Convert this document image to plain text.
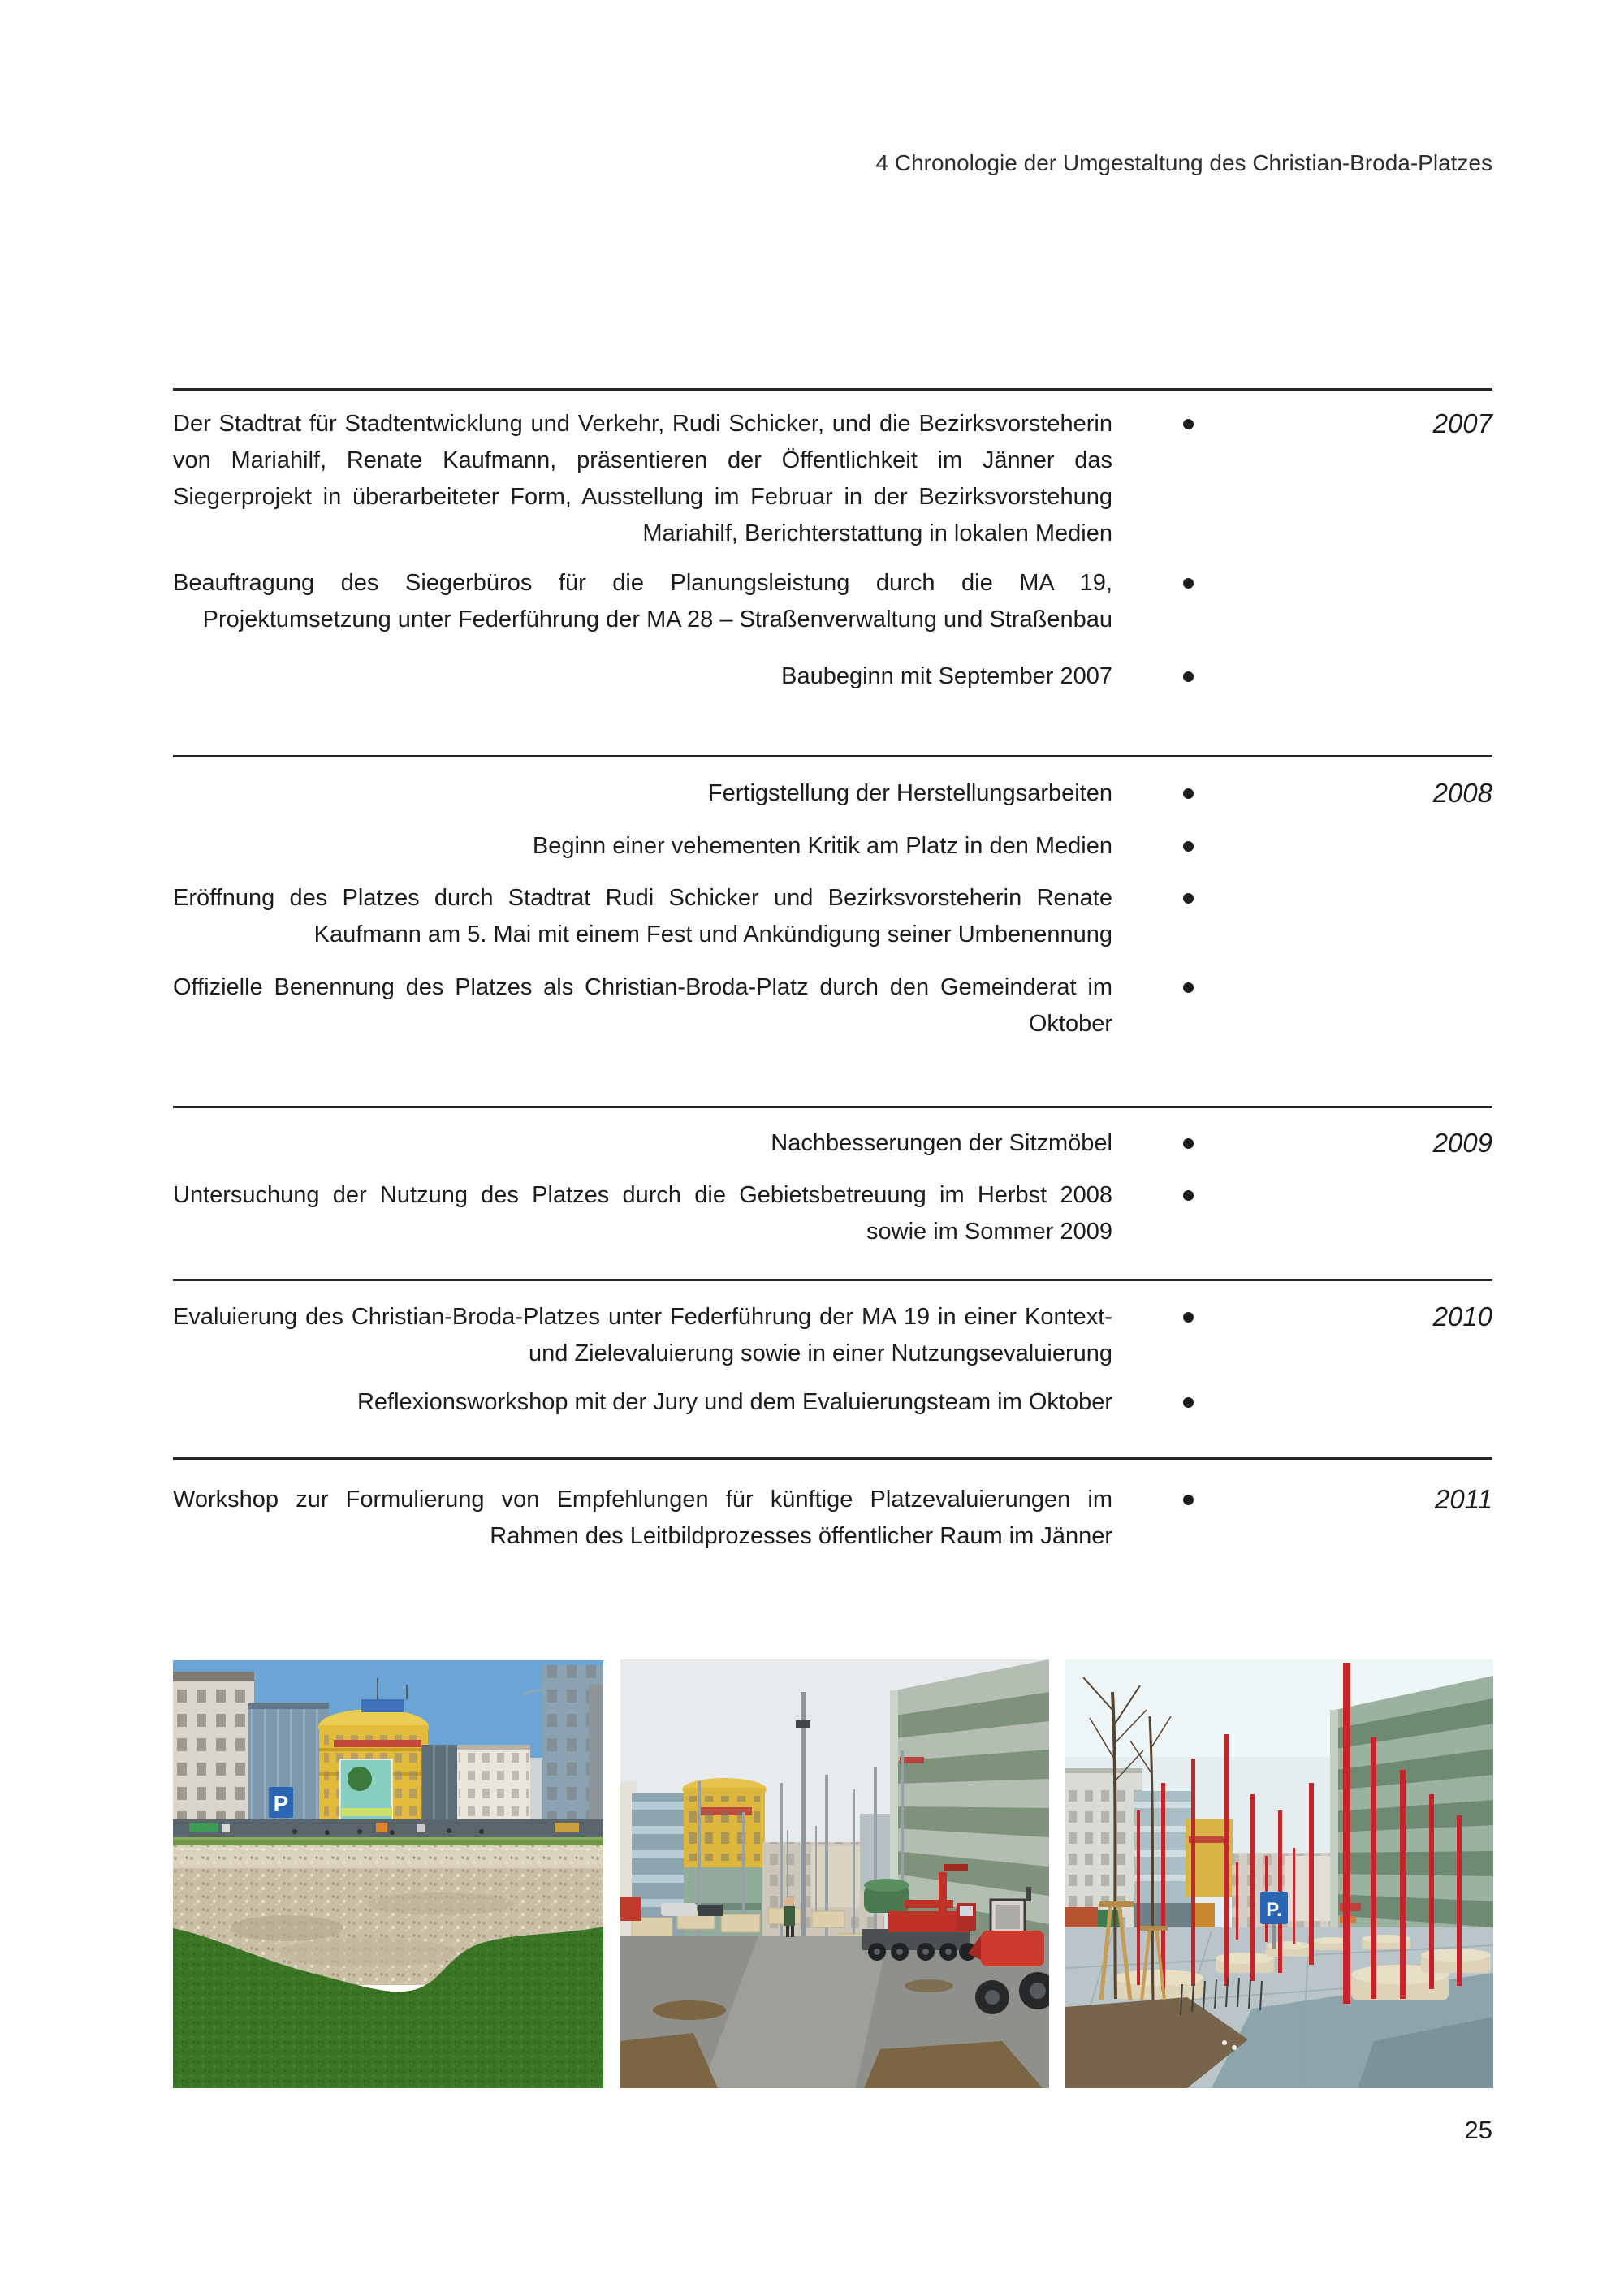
4 Chronologie der Umgestaltung des Christian-Broda-Platzes

Der Stadtrat für Stadtentwicklung und Verkehr, Rudi Schicker, und die Bezirksvorsteherin von Mariahilf, Renate Kaufmann, präsentieren der Öffentlichkeit im Jänner das Siegerprojekt in überarbeiteter Form, Ausstellung im Februar in der Bezirksvorstehung Mariahilf, Berichterstattung in lokalen Medien

2007

Beauftragung des Siegerbüros für die Planungsleistung durch die MA 19, Projektumsetzung unter Federführung der MA 28 – Straßenverwaltung und Straßenbau

Baubeginn mit September 2007

Fertigstellung der Herstellungsarbeiten	2008

Beginn einer vehementen Kritik am Platz in den Medien

Eröffnung des Platzes durch Stadtrat Rudi Schicker und Bezirksvorsteherin Renate Kaufmann am 5. Mai mit einem Fest und Ankündigung seiner Umbenennung

Offizielle Benennung des Platzes als Christian-Broda-Platz durch den Gemeinderat im Oktober

Nachbesserungen der Sitzmöbel	2009

Untersuchung der Nutzung des Platzes durch die Gebietsbetreuung im Herbst 2008 sowie im Sommer 2009

Evaluierung des Christian-Broda-Platzes unter Federführung der MA 19 in einer Kontext- und Zielevaluierung sowie in einer Nutzungsevaluierung

2010

Reflexionsworkshop mit der Jury und dem Evaluierungsteam im Oktober

Workshop zur Formulierung von Empfehlungen für künftige Platzevaluierungen im Rahmen des Leitbildprozesses öffentlicher Raum im Jänner

2011
P
P.
25
